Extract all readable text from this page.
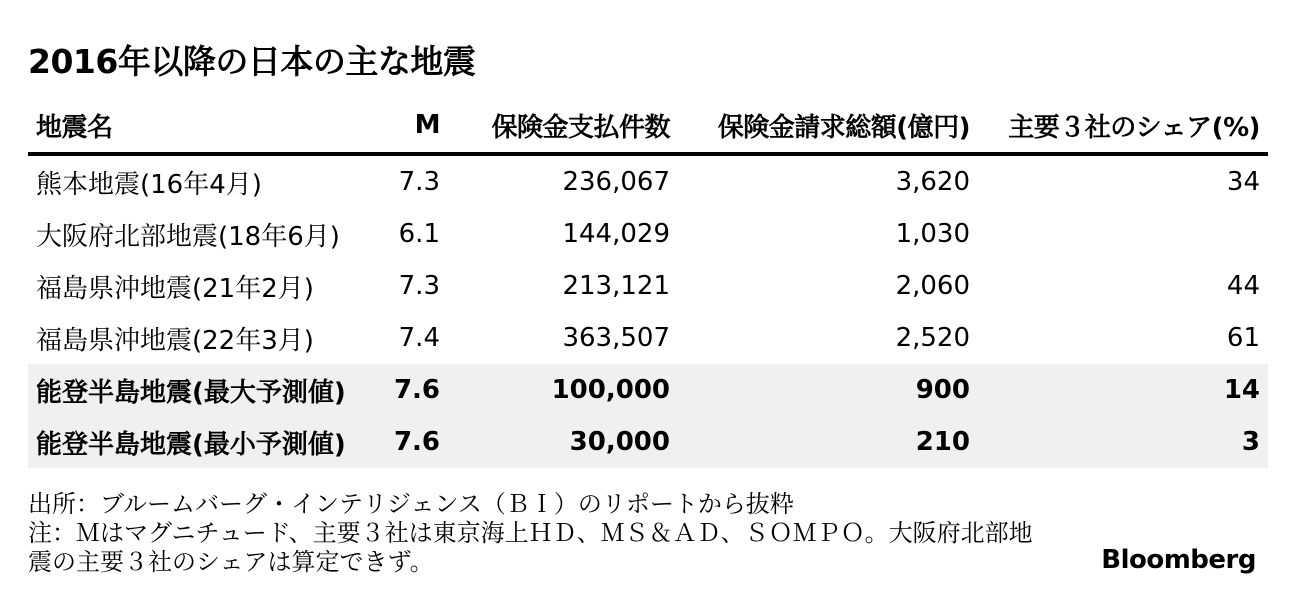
2016年以降の日本の主な地震
地震名	M	保険金支払件数	保険金請求総額(億円)	主要３社のシェア(%)
熊本地震(16年4月)	7.3	236,067	3,620	34
大阪府北部地震(18年6月)	6.1	144,029	1,030	
福島県沖地震(21年2月)	7.3	213,121	2,060	44
福島県沖地震(22年3月)	7.4	363,507	2,520	61
能登半島地震(最大予測値)	7.6	100,000	900	14
能登半島地震(最小予測値)	7.6	30,000	210	3
出所：ブルームバーグ・インテリジェンス（ＢＩ）のリポートから抜粋
注：Ｍはマグニチュード、主要３社は東京海上ＨＤ、ＭＳ＆ＡＤ、ＳＯＭＰＯ。大阪府北部地震の主要３社のシェアは算定できず。	Bloomberg
